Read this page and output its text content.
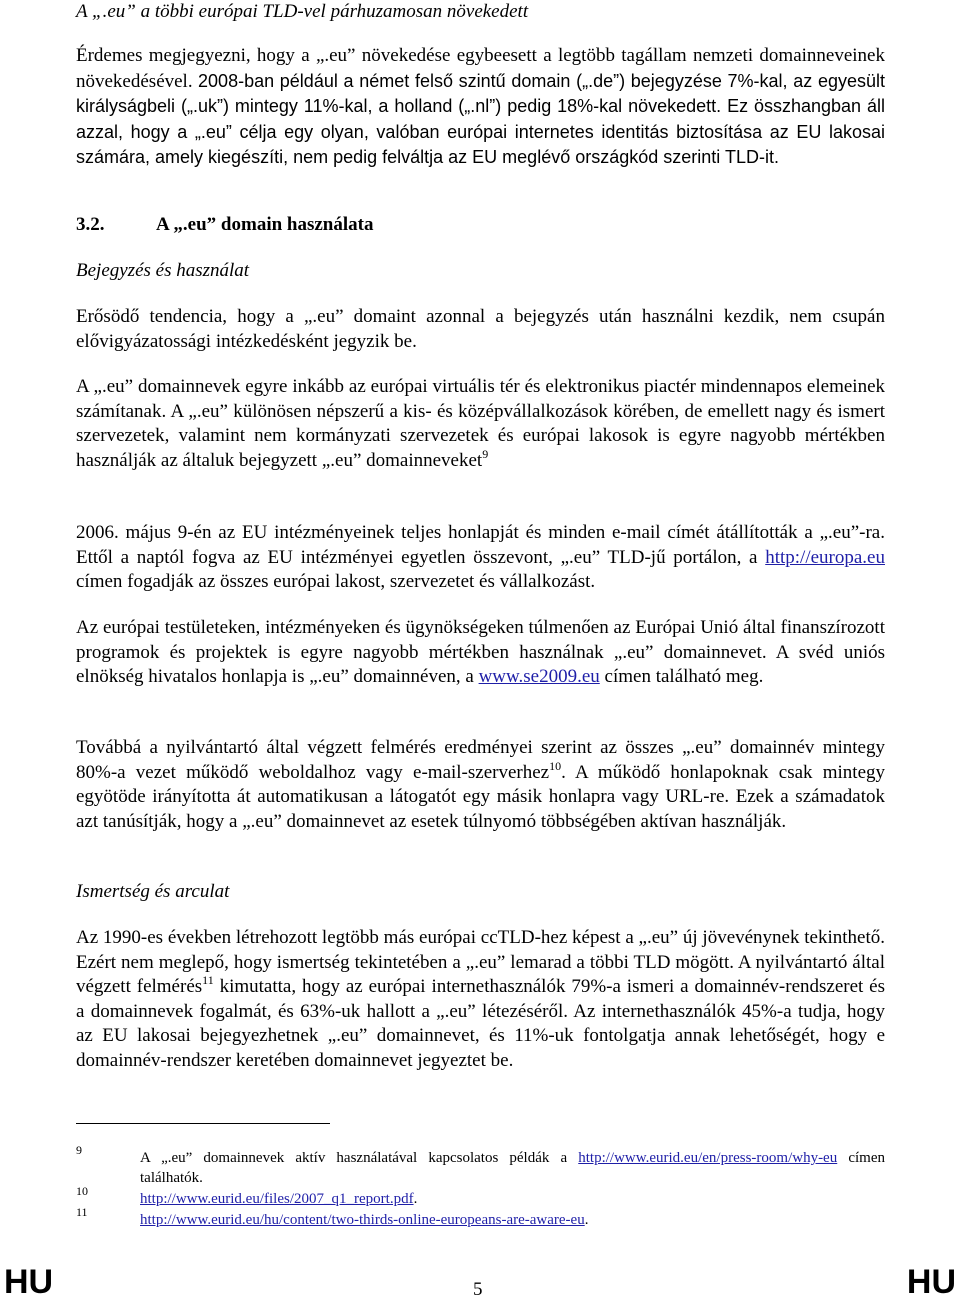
A „.eu” a többi európai TLD-vel párhuzamosan növekedett

Érdemes megjegyezni, hogy a „.eu” növekedése egybeesett a legtöbb tagállam nemzeti domainneveinek növekedésével. 2008-ban például a német felső szintű domain („.de”) bejegyzése 7%-kal, az egyesült királyságbeli („.uk”) mintegy 11%-kal, a holland („.nl”) pedig 18%-kal növekedett. Ez összhangban áll azzal, hogy a „.eu” célja egy olyan, valóban európai internetes identitás biztosítása az EU lakosai számára, amely kiegészíti, nem pedig felváltja az EU meglévő országkód szerinti TLD-it.

3.2.	A „.eu” domain használata
Bejegyzés és használat

Erősödő tendencia, hogy a „.eu” domaint azonnal a bejegyzés után használni kezdik, nem csupán elővigyázatossági intézkedésként jegyzik be.

A „.eu” domainnevek egyre inkább az európai virtuális tér és elektronikus piactér mindennapos elemeinek számítanak. A „.eu” különösen népszerű a kis- és középvállalkozások körében, de emellett nagy és ismert szervezetek, valamint nem kormányzati szervezetek és európai lakosok is egyre nagyobb mértékben használják az általuk bejegyzett „.eu” domainneveket$^9$

2006. május 9-én az EU intézményeinek teljes honlapját és minden e-mail címét átállították a „.eu”-ra. Ettől a naptól fogva az EU intézményei egyetlen összevont, „.eu” TLD-jű portálon, a http://europa.eu címen fogadják az összes európai lakost, szervezetet és vállalkozást.

Az európai testületeken, intézményeken és ügynökségeken túlmenően az Európai Unió által finanszírozott programok és projektek is egyre nagyobb mértékben használnak „.eu” domainnevet. A svéd uniós elnökség hivatalos honlapja is „.eu” domainnéven, a www.se2009.eu címen található meg.

Továbbá a nyilvántartó által végzett felmérés eredményei szerint az összes „.eu” domainnév mintegy 80%-a vezet működő weboldalhoz vagy e-mail-szerverhez$^{10}$. A működő honlapoknak csak mintegy egyötöde irányította át automatikusan a látogatót egy másik honlapra vagy URL-re. Ezek a számadatok azt tanúsítják, hogy a „.eu” domainnevet az esetek túlnyomó többségében aktívan használják.

Ismertség és arculat

Az 1990-es években létrehozott legtöbb más európai ccTLD-hez képest a „.eu” új jövevénynek tekinthető. Ezért nem meglepő, hogy ismertség tekintetében a „.eu” lemarad a többi TLD mögött. A nyilvántartó által végzett felmérés$^{11}$ kimutatta, hogy az európai internethasználók 79%-a ismeri a domainnév-rendszeret és a domainnevek fogalmát, és 63%-uk hallott a „.eu” létezéséről. Az internethasználók 45%-a tudja, hogy az EU lakosai bejegyezhetnek „.eu” domainnevet, és 11%-uk fontolgatja annak lehetőségét, hogy e domainnév-rendszer keretében domainnevet jegyeztet be.

9	A „.eu” domainnevek aktív használatával kapcsolatos példák a http://www.eurid.eu/en/press-room/why-eu címen találhatók.
10	http://www.eurid.eu/files/2007_q1_report.pdf.
11	http://www.eurid.eu/hu/content/two-thirds-online-europeans-are-aware-eu.
HU	5	HU
